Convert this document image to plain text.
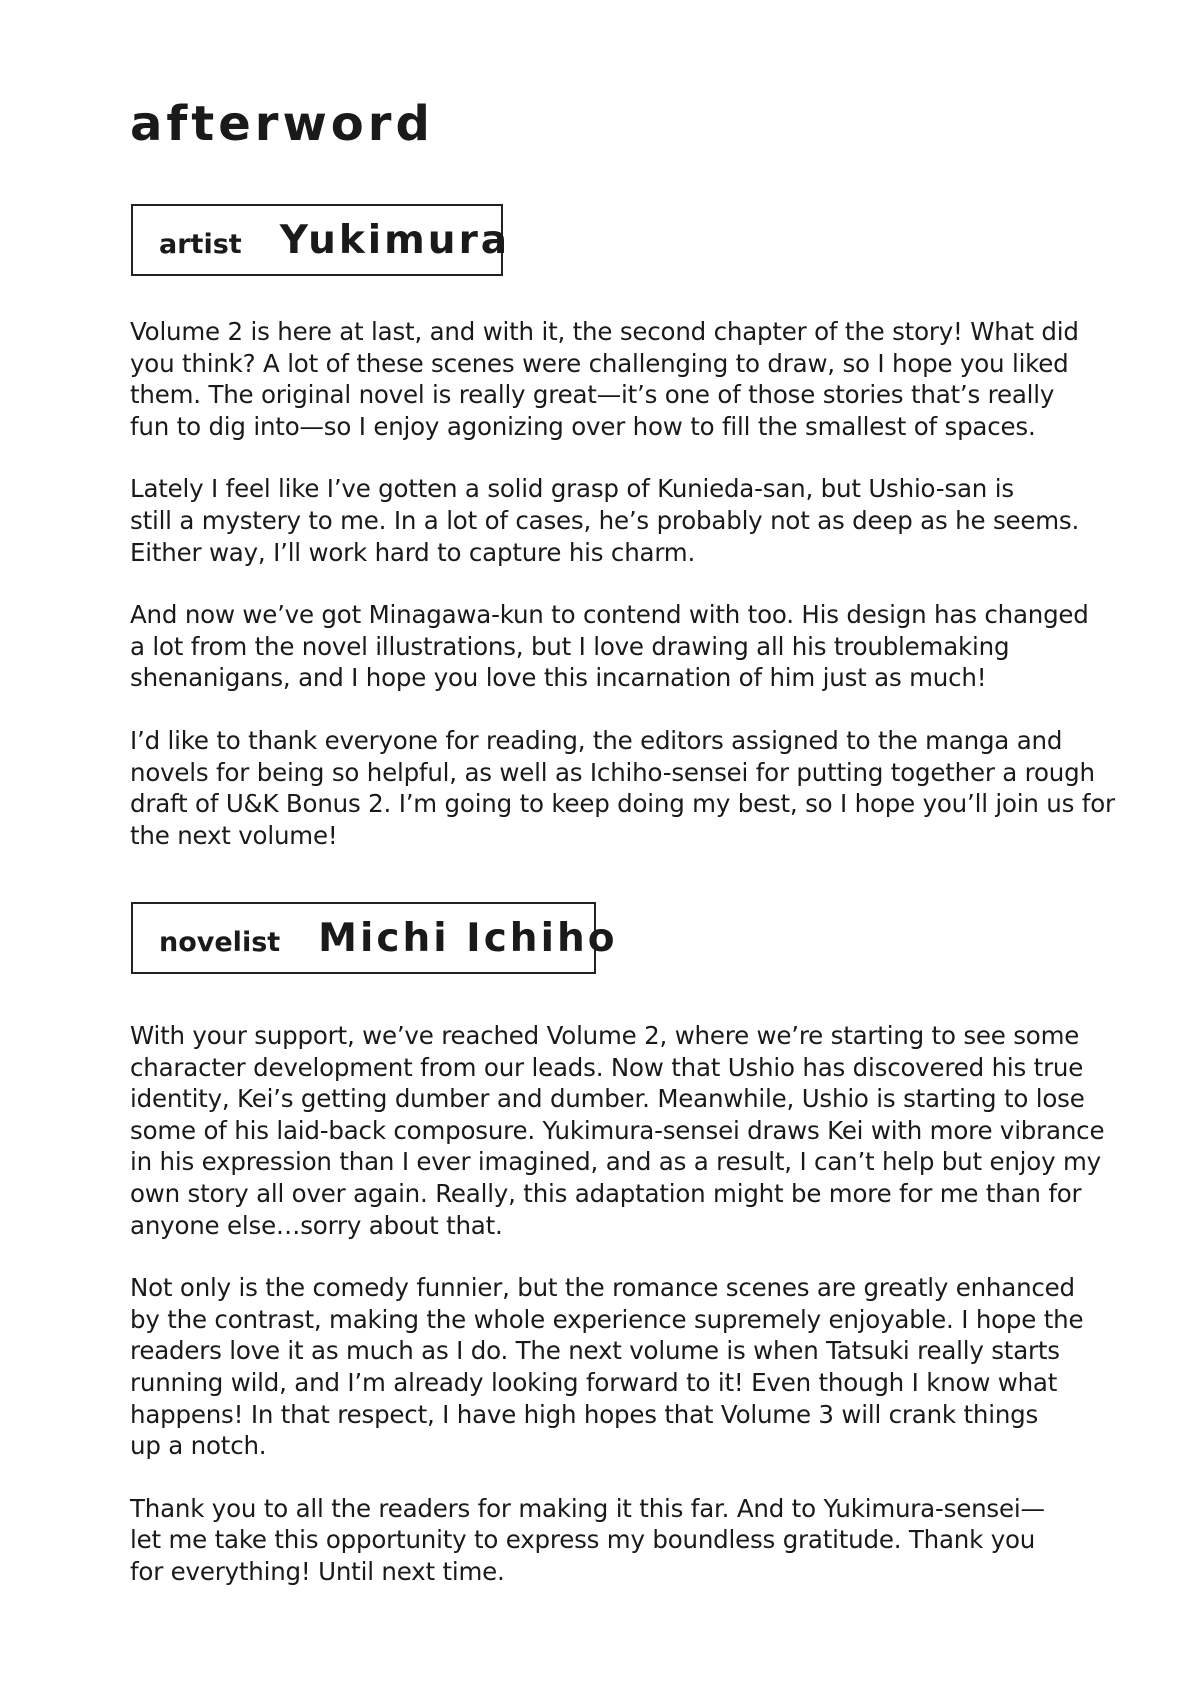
afterword
artist Yukimura

Volume 2 is here at last, and with it, the second chapter of the story! What did
you think? A lot of these scenes were challenging to draw, so I hope you liked
them. The original novel is really great—it’s one of those stories that’s really
fun to dig into—so I enjoy agonizing over how to fill the smallest of spaces.

Lately I feel like I’ve gotten a solid grasp of Kunieda-san, but Ushio-san is
still a mystery to me. In a lot of cases, he’s probably not as deep as he seems.
Either way, I’ll work hard to capture his charm.

And now we’ve got Minagawa-kun to contend with too. His design has changed
a lot from the novel illustrations, but I love drawing all his troublemaking
shenanigans, and I hope you love this incarnation of him just as much!

I’d like to thank everyone for reading, the editors assigned to the manga and
novels for being so helpful, as well as Ichiho-sensei for putting together a rough
draft of U&K Bonus 2. I’m going to keep doing my best, so I hope you’ll join us for
the next volume!

novelist Michi Ichiho

With your support, we’ve reached Volume 2, where we’re starting to see some
character development from our leads. Now that Ushio has discovered his true
identity, Kei’s getting dumber and dumber. Meanwhile, Ushio is starting to lose
some of his laid-back composure. Yukimura-sensei draws Kei with more vibrance
in his expression than I ever imagined, and as a result, I can’t help but enjoy my
own story all over again. Really, this adaptation might be more for me than for
anyone else…sorry about that.

Not only is the comedy funnier, but the romance scenes are greatly enhanced
by the contrast, making the whole experience supremely enjoyable. I hope the
readers love it as much as I do. The next volume is when Tatsuki really starts
running wild, and I’m already looking forward to it! Even though I know what
happens! In that respect, I have high hopes that Volume 3 will crank things
up a notch.

Thank you to all the readers for making it this far. And to Yukimura-sensei—
let me take this opportunity to express my boundless gratitude. Thank you
for everything! Until next time.
